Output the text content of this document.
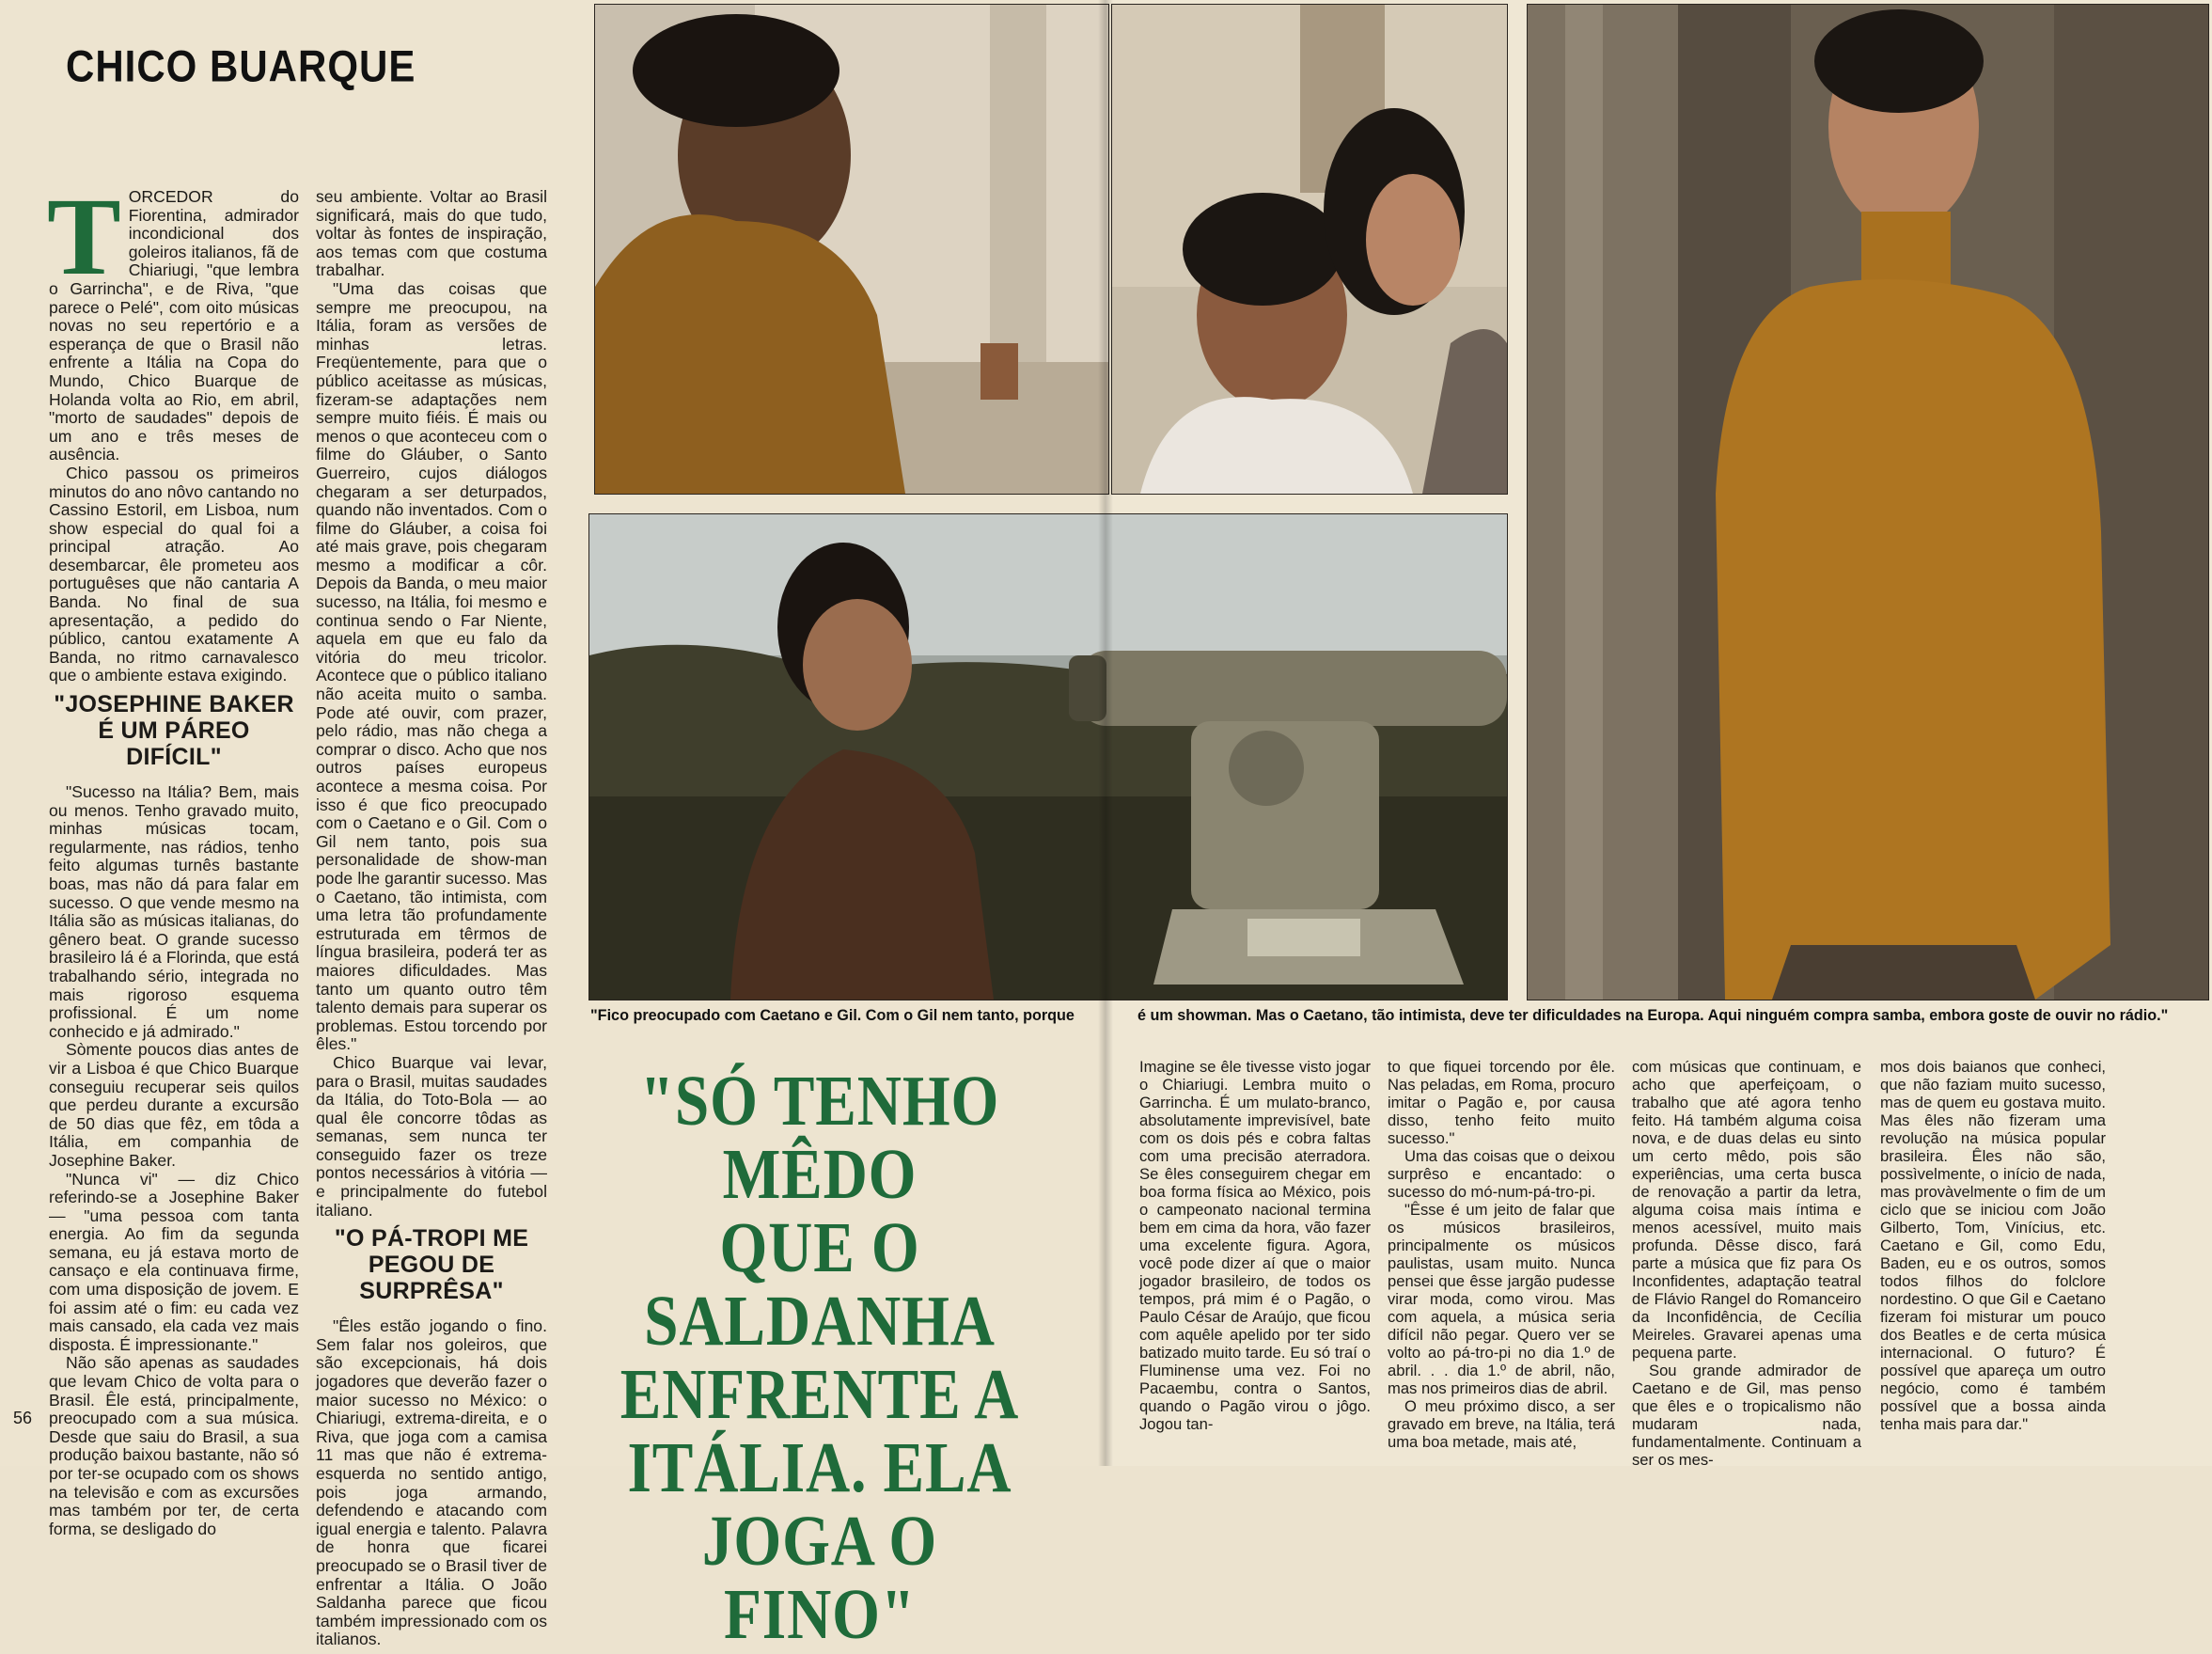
CHICO BUARQUE

TORCEDOR do Fiorentina, admirador incondicional dos goleiros italianos, fã de Chiariugi, "que lembra o Garrincha", e de Riva, "que parece o Pelé", com oito músicas novas no seu repertório e a esperança de que o Brasil não enfrente a Itália na Copa do Mundo, Chico Buarque de Holanda volta ao Rio, em abril, "morto de saudades" depois de um ano e três meses de ausência.

Chico passou os primeiros minutos do ano nôvo cantando no Cassino Estoril, em Lisboa, num show especial do qual foi a principal atração. Ao desembarcar, êle prometeu aos portuguêses que não cantaria A Banda. No final de sua apresentação, a pedido do público, cantou exatamente A Banda, no ritmo carnavalesco que o ambiente estava exigindo.

"JOSEPHINE BAKER É UM PÁREO DIFÍCIL"

"Sucesso na Itália? Bem, mais ou menos. Tenho gravado muito, minhas músicas tocam, regularmente, nas rádios, tenho feito algumas turnês bastante boas, mas não dá para falar em sucesso. O que vende mesmo na Itália são as músicas italianas, do gênero beat. O grande sucesso brasileiro lá é a Florinda, que está trabalhando sério, integrada no mais rigoroso esquema profissional. É um nome conhecido e já admirado."

Sòmente poucos dias antes de vir a Lisboa é que Chico Buarque conseguiu recuperar seis quilos que perdeu durante a excursão de 50 dias que fêz, em tôda a Itália, em companhia de Josephine Baker.

"Nunca vi" — diz Chico referindo-se a Josephine Baker — "uma pessoa com tanta energia. Ao fim da segunda semana, eu já estava morto de cansaço e ela continuava firme, com uma disposição de jovem. E foi assim até o fim: eu cada vez mais cansado, ela cada vez mais disposta. É impressionante."

Não são apenas as saudades que levam Chico de volta para o Brasil. Êle está, principalmente, preocupado com a sua música. Desde que saiu do Brasil, a sua produção baixou bastante, não só por ter-se ocupado com os shows na televisão e com as excursões mas também por ter, de certa forma, se desligado do

seu ambiente. Voltar ao Brasil significará, mais do que tudo, voltar às fontes de inspiração, aos temas com que costuma trabalhar.

"Uma das coisas que sempre me preocupou, na Itália, foram as versões de minhas letras. Freqüentemente, para que o público aceitasse as músicas, fizeram-se adaptações nem sempre muito fiéis. É mais ou menos o que aconteceu com o filme do Gláuber, o Santo Guerreiro, cujos diálogos chegaram a ser deturpados, quando não inventados. Com o filme do Gláuber, a coisa foi até mais grave, pois chegaram mesmo a modificar a côr. Depois da Banda, o meu maior sucesso, na Itália, foi mesmo e continua sendo o Far Niente, aquela em que eu falo da vitória do meu tricolor. Acontece que o público italiano não aceita muito o samba. Pode até ouvir, com prazer, pelo rádio, mas não chega a comprar o disco. Acho que nos outros países europeus acontece a mesma coisa. Por isso é que fico preocupado com o Caetano e o Gil. Com o Gil nem tanto, pois sua personalidade de show-man pode lhe garantir sucesso. Mas o Caetano, tão intimista, com uma letra tão profundamente estruturada em têrmos de língua brasileira, poderá ter as maiores dificuldades. Mas tanto um quanto outro têm talento demais para superar os problemas. Estou torcendo por êles."

Chico Buarque vai levar, para o Brasil, muitas saudades da Itália, do Toto-Bola — ao qual êle concorre tôdas as semanas, sem nunca ter conseguido fazer os treze pontos necessários à vitória — e principalmente do futebol italiano.

"O PÁ-TROPI ME PEGOU DE SURPRÊSA"

"Êles estão jogando o fino. Sem falar nos goleiros, que são excepcionais, há dois jogadores que deverão fazer o maior sucesso no México: o Chiariugi, extrema-direita, e o Riva, que joga com a camisa 11 mas que não é extrema-esquerda no sentido antigo, pois joga armando, defendendo e atacando com igual energia e talento. Palavra de honra que ficarei preocupado se o Brasil tiver de enfrentar a Itália. O João Saldanha parece que ficou também impressionado com os italianos.

"Fico preocupado com Caetano e Gil. Com o Gil nem tanto, porque	é um showman. Mas o Caetano, tão intimista, deve ter dificuldades na Europa. Aqui ninguém compra samba, embora goste de ouvir no rádio."
"SÓ TENHO MÊDO
QUE O SALDANHA
ENFRENTE A
ITÁLIA. ELA
JOGA O FINO"

Imagine se êle tivesse visto jogar o Chiariugi. Lembra muito o Garrincha. É um mulato-branco, absolutamente imprevisível, bate com os dois pés e cobra faltas com uma precisão aterradora. Se êles conseguirem chegar em boa forma física ao México, pois o campeonato nacional termina bem em cima da hora, vão fazer uma excelente figura. Agora, você pode dizer aí que o maior jogador brasileiro, de todos os tempos, prá mim é o Pagão, o Paulo César de Araújo, que ficou com aquêle apelido por ter sido batizado muito tarde. Eu só traí o Fluminense uma vez. Foi no Pacaembu, contra o Santos, quando o Pagão virou o jôgo. Jogou tan-

to que fiquei torcendo por êle. Nas peladas, em Roma, procuro imitar o Pagão e, por causa disso, tenho feito muito sucesso."

Uma das coisas que o deixou surprêso e encantado: o sucesso do mó-num-pá-tro-pi.

"Êsse é um jeito de falar que os músicos brasileiros, principalmente os músicos paulistas, usam muito. Nunca pensei que êsse jargão pudesse virar moda, como virou. Mas com aquela, a música seria difícil não pegar. Quero ver se volto ao pá-tro-pi no dia 1.º de abril. . . dia 1.º de abril, não, mas nos primeiros dias de abril.

O meu próximo disco, a ser gravado em breve, na Itália, terá uma boa metade, mais até,

com músicas que continuam, e acho que aperfeiçoam, o trabalho que até agora tenho feito. Há também alguma coisa nova, e de duas delas eu sinto um certo mêdo, pois são experiências, uma certa busca de renovação a partir da letra, alguma coisa mais íntima e menos acessível, muito mais profunda. Dêsse disco, fará parte a música que fiz para Os Inconfidentes, adaptação teatral de Flávio Rangel do Romanceiro da Inconfidência, de Cecília Meireles. Gravarei apenas uma pequena parte.

Sou grande admirador de Caetano e de Gil, mas penso que êles e o tropicalismo não mudaram nada, fundamentalmente. Continuam a ser os mes-

mos dois baianos que conheci, que não faziam muito sucesso, mas de quem eu gostava muito. Mas êles não fizeram uma revolução na música popular brasileira. Êles não são, possìvelmente, o início de nada, mas provàvelmente o fim de um ciclo que se iniciou com João Gilberto, Tom, Vinícius, etc. Caetano e Gil, como Edu, Baden, eu e os outros, somos todos filhos do folclore nordestino. O que Gil e Caetano fizeram foi misturar um pouco dos Beatles e de certa música internacional. O futuro? É possível que apareça um outro negócio, como é também possível que a bossa ainda tenha mais para dar."

56
